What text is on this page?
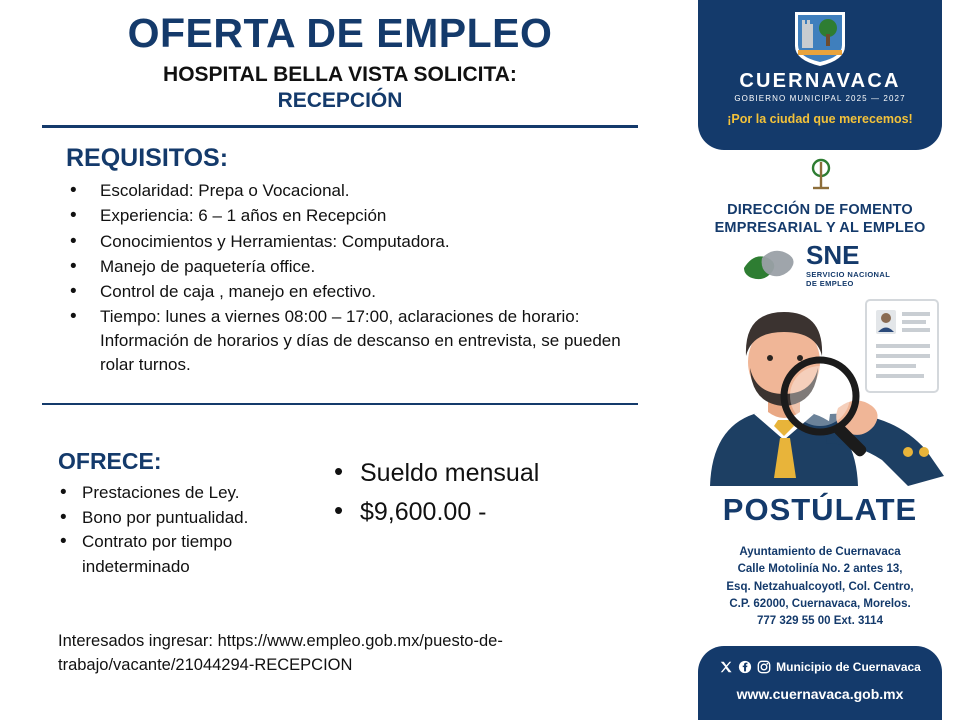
OFERTA DE EMPLEO
HOSPITAL BELLA VISTA SOLICITA:
RECEPCIÓN
REQUISITOS:
• Escolaridad: Prepa o Vocacional.
• Experiencia: 6 – 1 años en Recepción
• Conocimientos y Herramientas: Computadora.
• Manejo de paquetería office.
• Control de caja , manejo en efectivo.
• Tiempo: lunes a viernes 08:00 – 17:00, aclaraciones de horario: Información de horarios y días de descanso en entrevista, se pueden rolar turnos.
OFRECE:
• Prestaciones de Ley.
• Bono por puntualidad.
• Contrato por tiempo indeterminado
• Sueldo mensual
• $9,600.00 -
Interesados ingresar: https://www.empleo.gob.mx/puesto-de-trabajo/vacante/21044294-RECEPCION
CUERNAVACA
GOBIERNO MUNICIPAL 2025 — 2027
¡Por la ciudad que merecemos!
DIRECCIÓN DE FOMENTO
EMPRESARIAL Y AL EMPLEO
SNE
SERVICIO NACIONAL
DE EMPLEO
POSTÚLATE
Ayuntamiento de Cuernavaca
Calle Motolinía No. 2 antes 13,
Esq. Netzahualcoyotl, Col. Centro,
C.P. 62000, Cuernavaca, Morelos.
777 329 55 00 Ext. 3114
Municipio de Cuernavaca
www.cuernavaca.gob.mx
